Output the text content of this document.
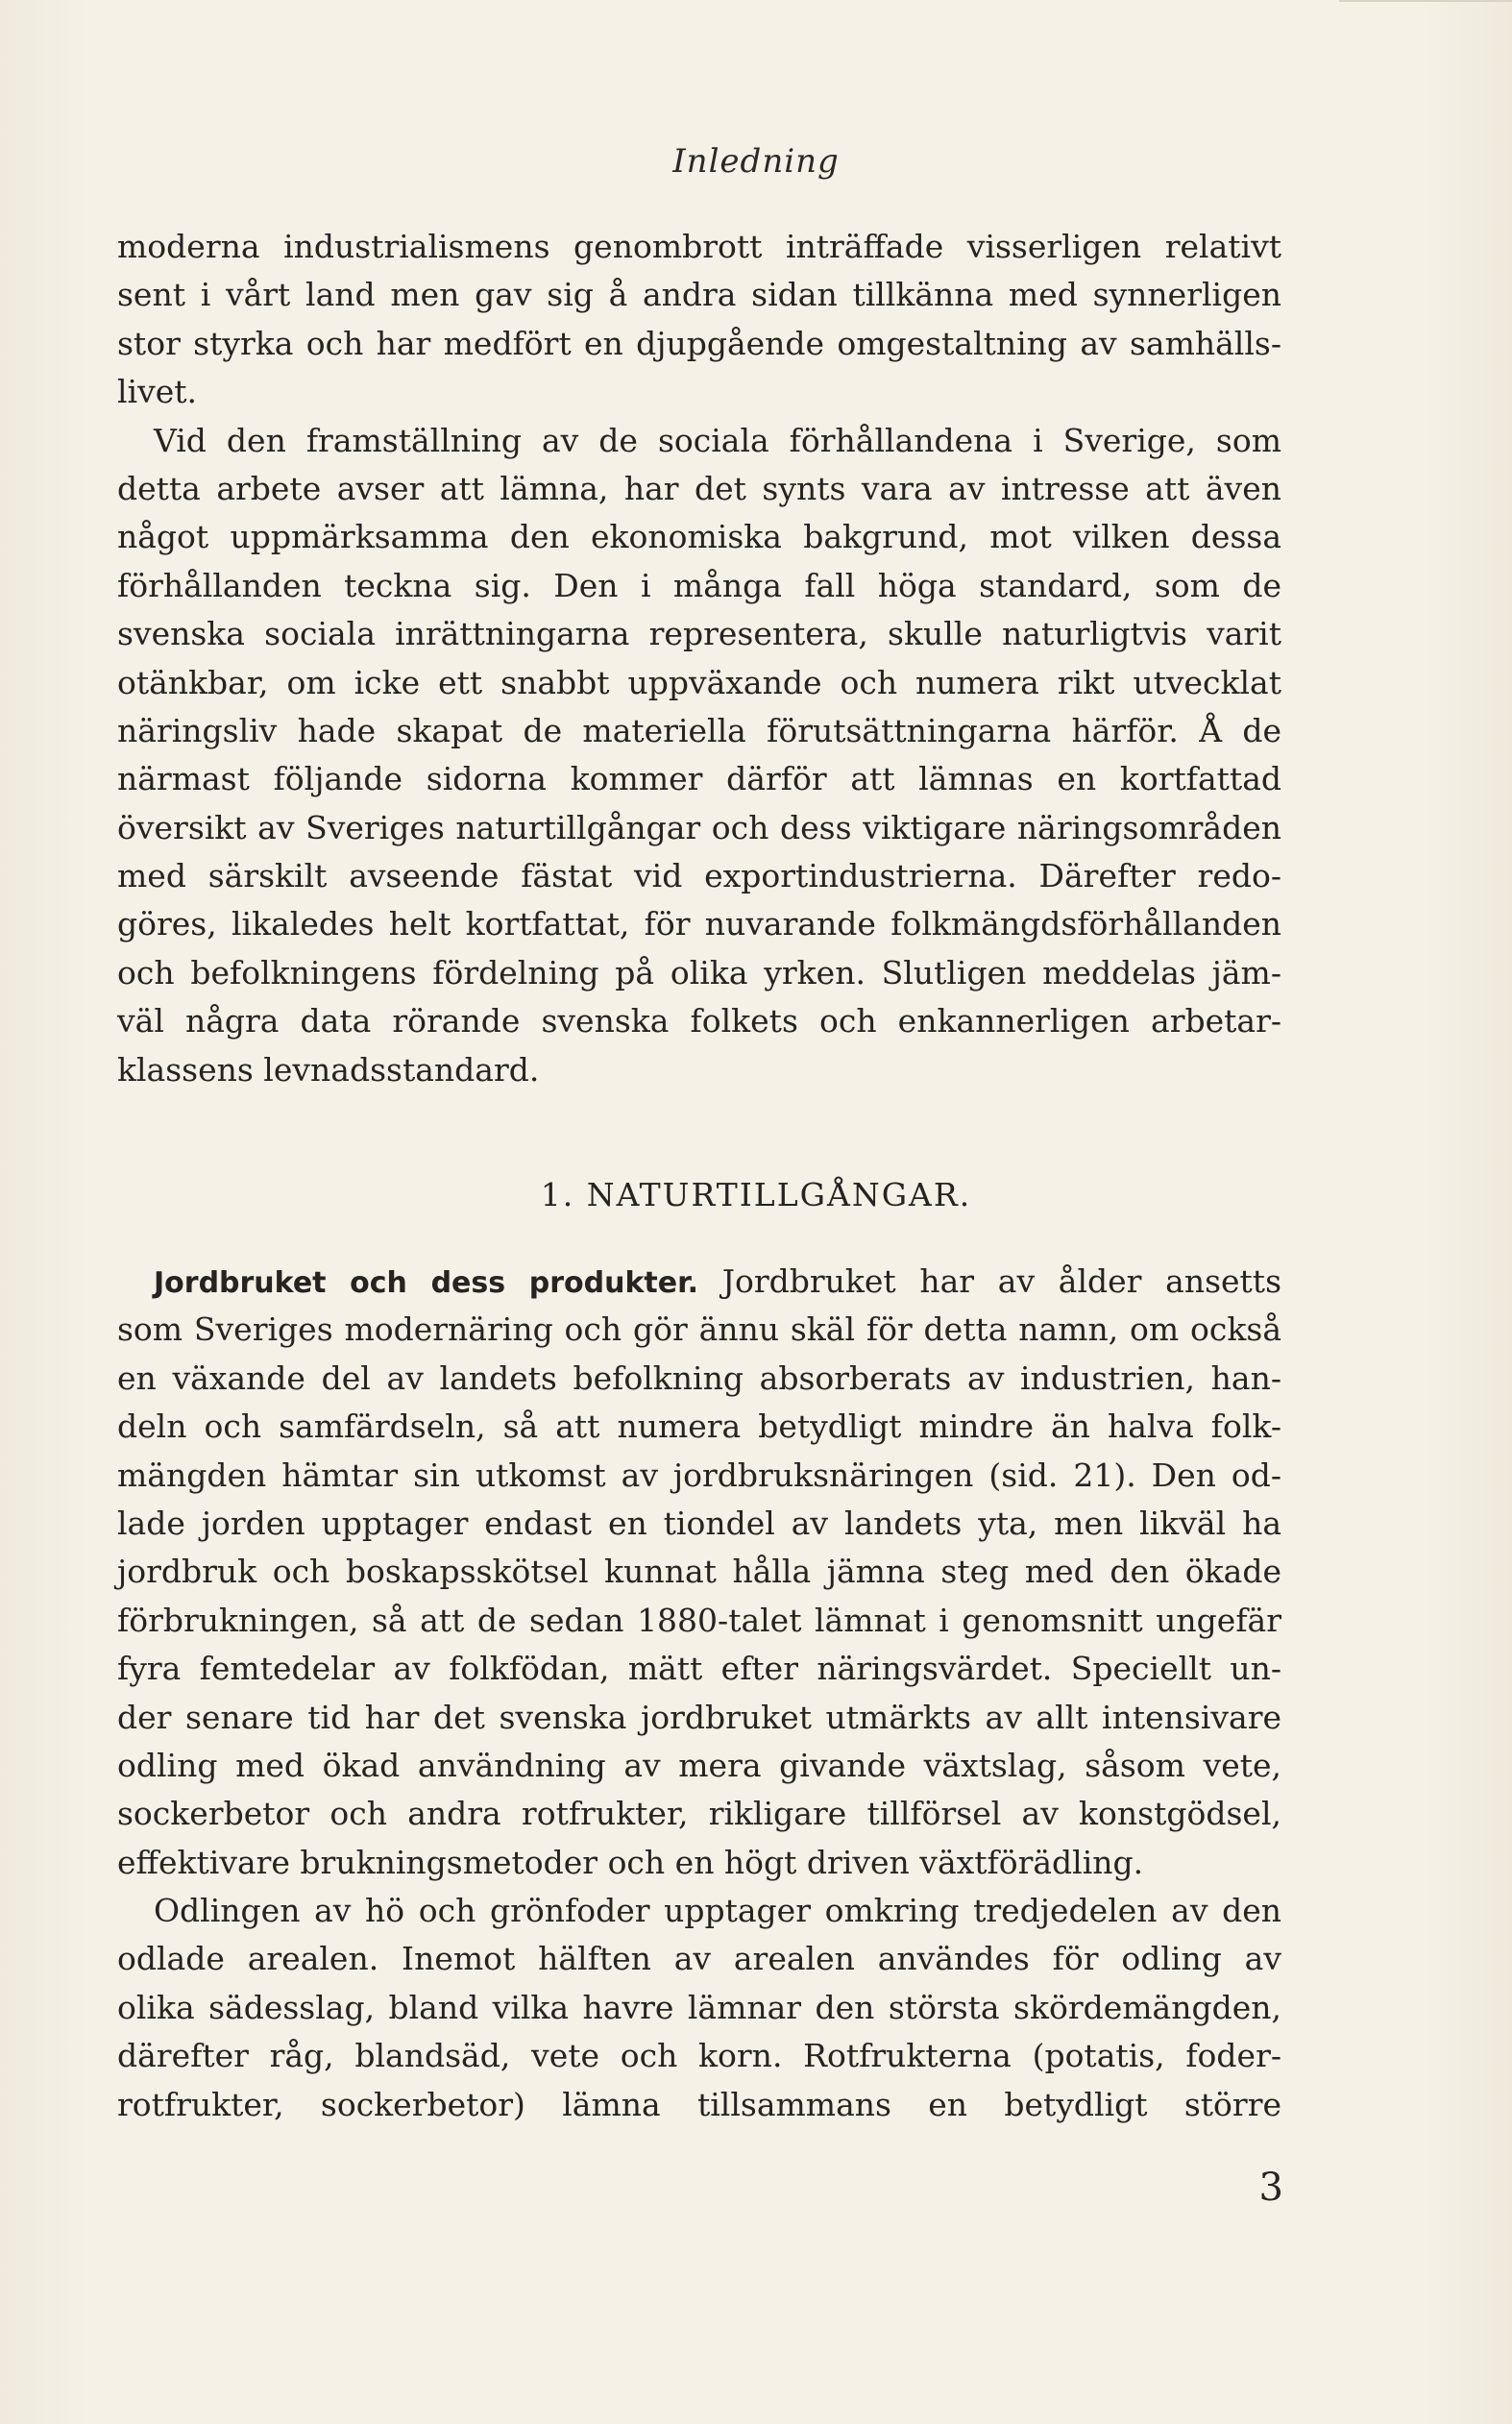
Inledning
moderna industrialismens genombrott inträffade visserligen relativt
sent i vårt land men gav sig å andra sidan tillkänna med synnerligen
stor styrka och har medfört en djupgående omgestaltning av samhälls-
livet.
Vid den framställning av de sociala förhållandena i Sverige, som
detta arbete avser att lämna, har det synts vara av intresse att även
något uppmärksamma den ekonomiska bakgrund, mot vilken dessa
förhållanden teckna sig. Den i många fall höga standard, som de
svenska sociala inrättningarna representera, skulle naturligtvis varit
otänkbar, om icke ett snabbt uppväxande och numera rikt utvecklat
näringsliv hade skapat de materiella förutsättningarna härför. Å de
närmast följande sidorna kommer därför att lämnas en kortfattad
översikt av Sveriges naturtillgångar och dess viktigare näringsområden
med särskilt avseende fästat vid exportindustrierna. Därefter redo-
göres, likaledes helt kortfattat, för nuvarande folkmängdsförhållanden
och befolkningens fördelning på olika yrken. Slutligen meddelas jäm-
väl några data rörande svenska folkets och enkannerligen arbetar-
klassens levnadsstandard.
1. NATURTILLGÅNGAR.
Jordbruket och dess produkter. Jordbruket har av ålder ansetts
som Sveriges modernäring och gör ännu skäl för detta namn, om också
en växande del av landets befolkning absorberats av industrien, han-
deln och samfärdseln, så att numera betydligt mindre än halva folk-
mängden hämtar sin utkomst av jordbruksnäringen (sid. 21). Den od-
lade jorden upptager endast en tiondel av landets yta, men likväl ha
jordbruk och boskapsskötsel kunnat hålla jämna steg med den ökade
förbrukningen, så att de sedan 1880-talet lämnat i genomsnitt ungefär
fyra femtedelar av folkfödan, mätt efter näringsvärdet. Speciellt un-
der senare tid har det svenska jordbruket utmärkts av allt intensivare
odling med ökad användning av mera givande växtslag, såsom vete,
sockerbetor och andra rotfrukter, rikligare tillförsel av konstgödsel,
effektivare brukningsmetoder och en högt driven växtförädling.
Odlingen av hö och grönfoder upptager omkring tredjedelen av den
odlade arealen. Inemot hälften av arealen användes för odling av
olika sädesslag, bland vilka havre lämnar den största skördemängden,
därefter råg, blandsäd, vete och korn. Rotfrukterna (potatis, foder-
rotfrukter, sockerbetor) lämna tillsammans en betydligt större
3
